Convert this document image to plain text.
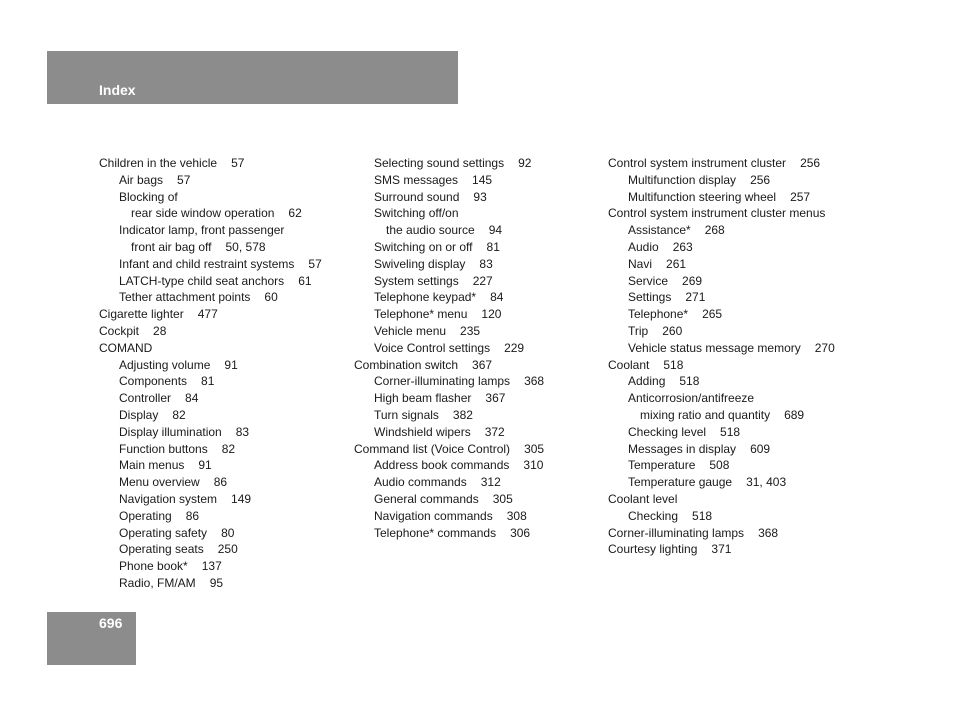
Index
Children in the vehicle 57
Air bags 57
Blocking of
rear side window operation 62
Indicator lamp, front passenger
front air bag off 50, 578
Infant and child restraint systems 57
LATCH-type child seat anchors 61
Tether attachment points 60
Cigarette lighter 477
Cockpit 28
COMAND
Adjusting volume 91
Components 81
Controller 84
Display 82
Display illumination 83
Function buttons 82
Main menus 91
Menu overview 86
Navigation system 149
Operating 86
Operating safety 80
Operating seats 250
Phone book* 137
Radio, FM/AM 95
Selecting sound settings 92
SMS messages 145
Surround sound 93
Switching off/on
the audio source 94
Switching on or off 81
Swiveling display 83
System settings 227
Telephone keypad* 84
Telephone* menu 120
Vehicle menu 235
Voice Control settings 229
Combination switch 367
Corner-illuminating lamps 368
High beam flasher 367
Turn signals 382
Windshield wipers 372
Command list (Voice Control) 305
Address book commands 310
Audio commands 312
General commands 305
Navigation commands 308
Telephone* commands 306
Control system instrument cluster 256
Multifunction display 256
Multifunction steering wheel 257
Control system instrument cluster menus
Assistance* 268
Audio 263
Navi 261
Service 269
Settings 271
Telephone* 265
Trip 260
Vehicle status message memory 270
Coolant 518
Adding 518
Anticorrosion/antifreeze
mixing ratio and quantity 689
Checking level 518
Messages in display 609
Temperature 508
Temperature gauge 31, 403
Coolant level
Checking 518
Corner-illuminating lamps 368
Courtesy lighting 371
696
